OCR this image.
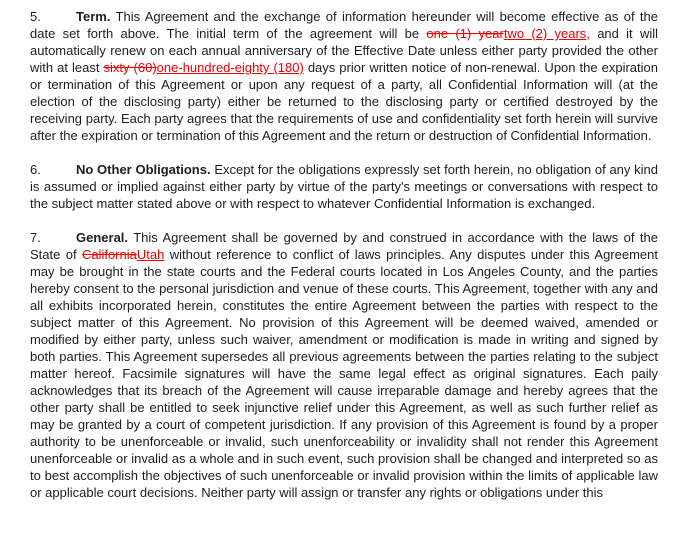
5.	Term. This Agreement and the exchange of information hereunder will become effective as of the date set forth above. The initial term of the agreement will be one (1) yeartwo (2) years, and it will automatically renew on each annual anniversary of the Effective Date unless either party provided the other with at least sixty (60)one-hundred-eighty (180) days prior written notice of non-renewal. Upon the expiration or termination of this Agreement or upon any request of a party, all Confidential Information will (at the election of the disclosing party) either be returned to the disclosing party or certified destroyed by the receiving party. Each party agrees that the requirements of use and confidentiality set forth herein will survive after the expiration or termination of this Agreement and the return or destruction of Confidential Information.

6.	No Other Obligations. Except for the obligations expressly set forth herein, no obligation of any kind is assumed or implied against either party by virtue of the party's meetings or conversations with respect to the subject matter stated above or with respect to whatever Confidential Information is exchanged.

7.	General. This Agreement shall be governed by and construed in accordance with the laws of the State of CaliforniaUtah without reference to conflict of laws principles. Any disputes under this Agreement may be brought in the state courts and the Federal courts located in Los Angeles County, and the parties hereby consent to the personal jurisdiction and venue of these courts. This Agreement, together with any and all exhibits incorporated herein, constitutes the entire Agreement between the parties with respect to the subject matter of this Agreement. No provision of this Agreement will be deemed waived, amended or modified by either party, unless such waiver, amendment or modification is made in writing and signed by both parties. This Agreement supersedes all previous agreements between the parties relating to the subject matter hereof. Facsimile signatures will have the same legal effect as original signatures. Each paily acknowledges that its breach of the Agreement will cause irreparable damage and hereby agrees that the other party shall be entitled to seek injunctive relief under this Agreement, as well as such further relief as may be granted by a court of competent jurisdiction. If any provision of this Agreement is found by a proper authority to be unenforceable or invalid, such unenforceability or invalidity shall not render this Agreement unenforceable or invalid as a whole and in such event, such provision shall be changed and interpreted so as to best accomplish the objectives of such unenforceable or invalid provision within the limits of applicable law or applicable court decisions. Neither party will assign or transfer any rights or obligations under this
